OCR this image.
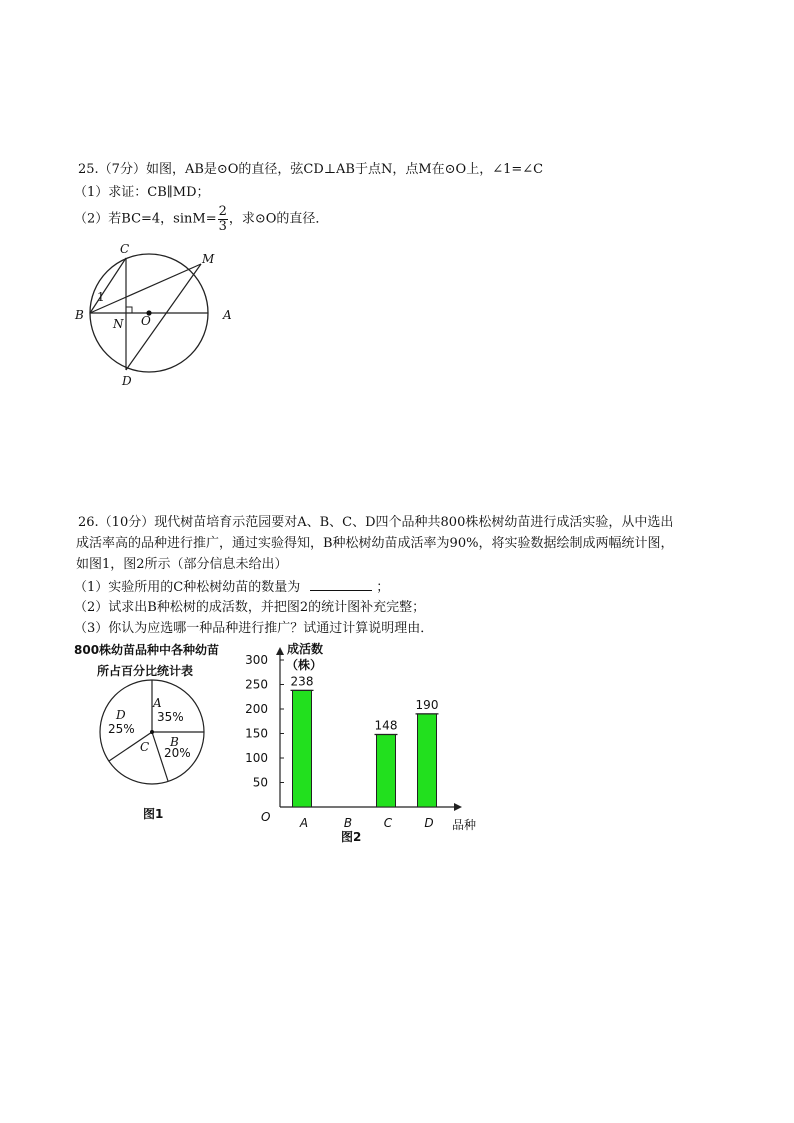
25.（7分）如图，AB是⊙O的直径，弦CD⊥AB于点N，点M在⊙O上，∠1=∠C
（1）求证：CB∥MD；
（2）若BC=4，$\sin M= \frac{2}{3}$ ，求⊙O的直径．
C
M
B
1
N O	A
D
26.（10分）现代树苗培育示范园要对A、B、C、D四个品种共800株松树幼苗进行成活实验，从中选出
成活率高的品种进行推广，通过实验得知，B种松树幼苗成活率为90%，将实验数据绘制成两幅统计图，
如图1，图2所示（部分信息未给出）
（1）实验所用的C种松树幼苗的数量为	；
（2）试求出B种松树的成活数，并把图2的统计图补充完整；
（3）你认为应选哪一种品种进行推广？试通过计算说明理由．
800株幼苗品种中各种幼苗
所占百分比统计表
A
35%
D
25%
C B
20%
图1
成活数
（株）
300
250
200
150
100
50
238
A	B
148
C
190
D
O
品种
图2
